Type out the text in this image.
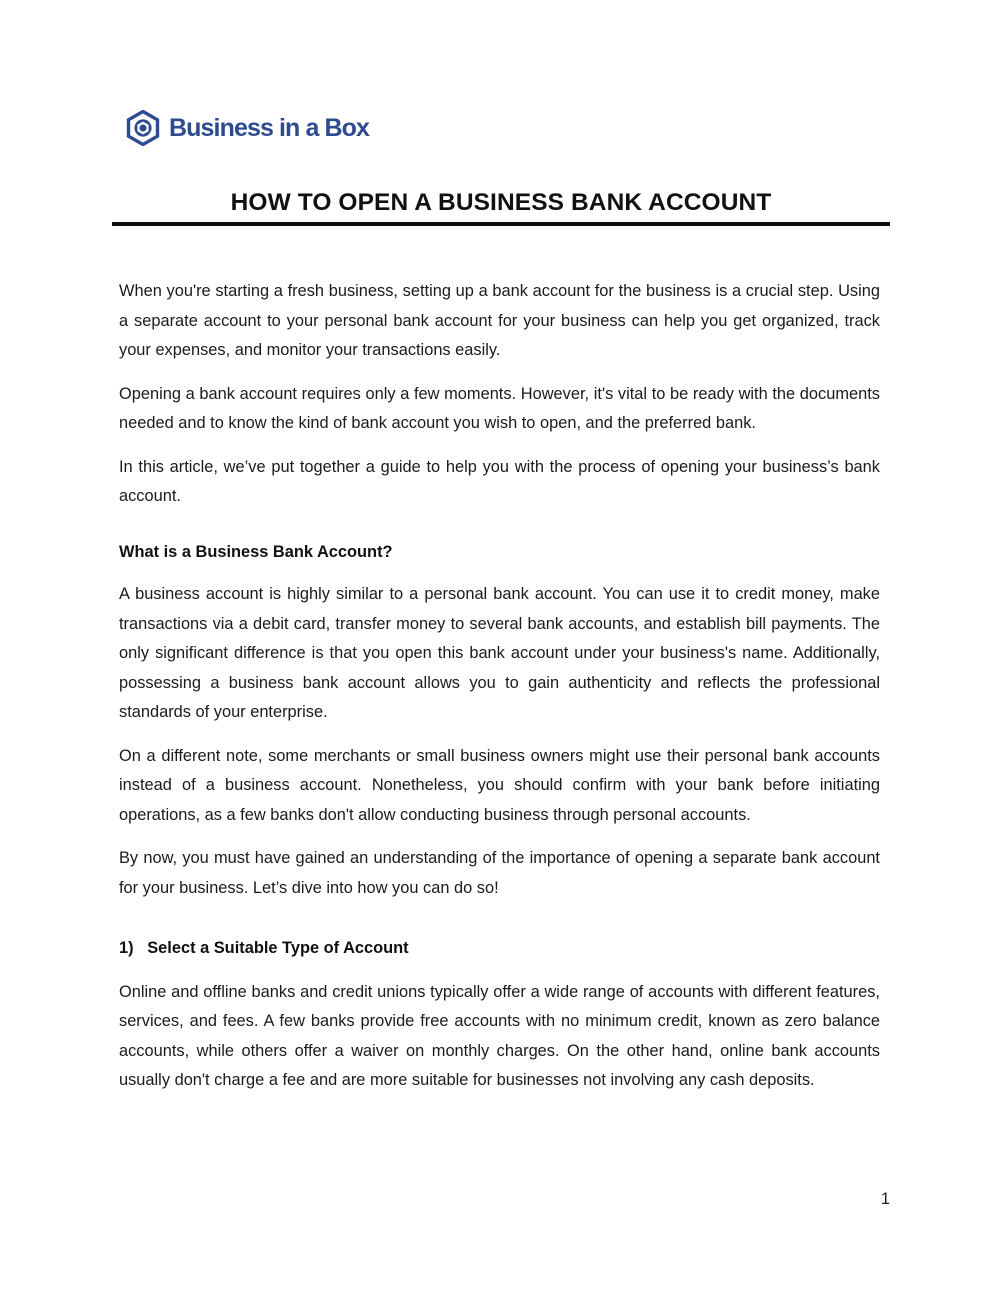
Business in a Box
HOW TO OPEN A BUSINESS BANK ACCOUNT

When you're starting a fresh business, setting up a bank account for the business is a crucial step. Using a separate account to your personal bank account for your business can help you get organized, track your expenses, and monitor your transactions easily.

Opening a bank account requires only a few moments. However, it's vital to be ready with the documents needed and to know the kind of bank account you wish to open, and the preferred bank.

In this article, we’ve put together a guide to help you with the process of opening your business’s bank account.

What is a Business Bank Account?

A business account is highly similar to a personal bank account. You can use it to credit money, make transactions via a debit card, transfer money to several bank accounts, and establish bill payments. The only significant difference is that you open this bank account under your business's name. Additionally, possessing a business bank account allows you to gain authenticity and reflects the professional standards of your enterprise.

On a different note, some merchants or small business owners might use their personal bank accounts instead of a business account. Nonetheless, you should confirm with your bank before initiating operations, as a few banks don't allow conducting business through personal accounts.

By now, you must have gained an understanding of the importance of opening a separate bank account for your business. Let’s dive into how you can do so!

1)   Select a Suitable Type of Account

Online and offline banks and credit unions typically offer a wide range of accounts with different features, services, and fees. A few banks provide free accounts with no minimum credit, known as zero balance accounts, while others offer a waiver on monthly charges. On the other hand, online bank accounts usually don't charge a fee and are more suitable for businesses not involving any cash deposits.

1
